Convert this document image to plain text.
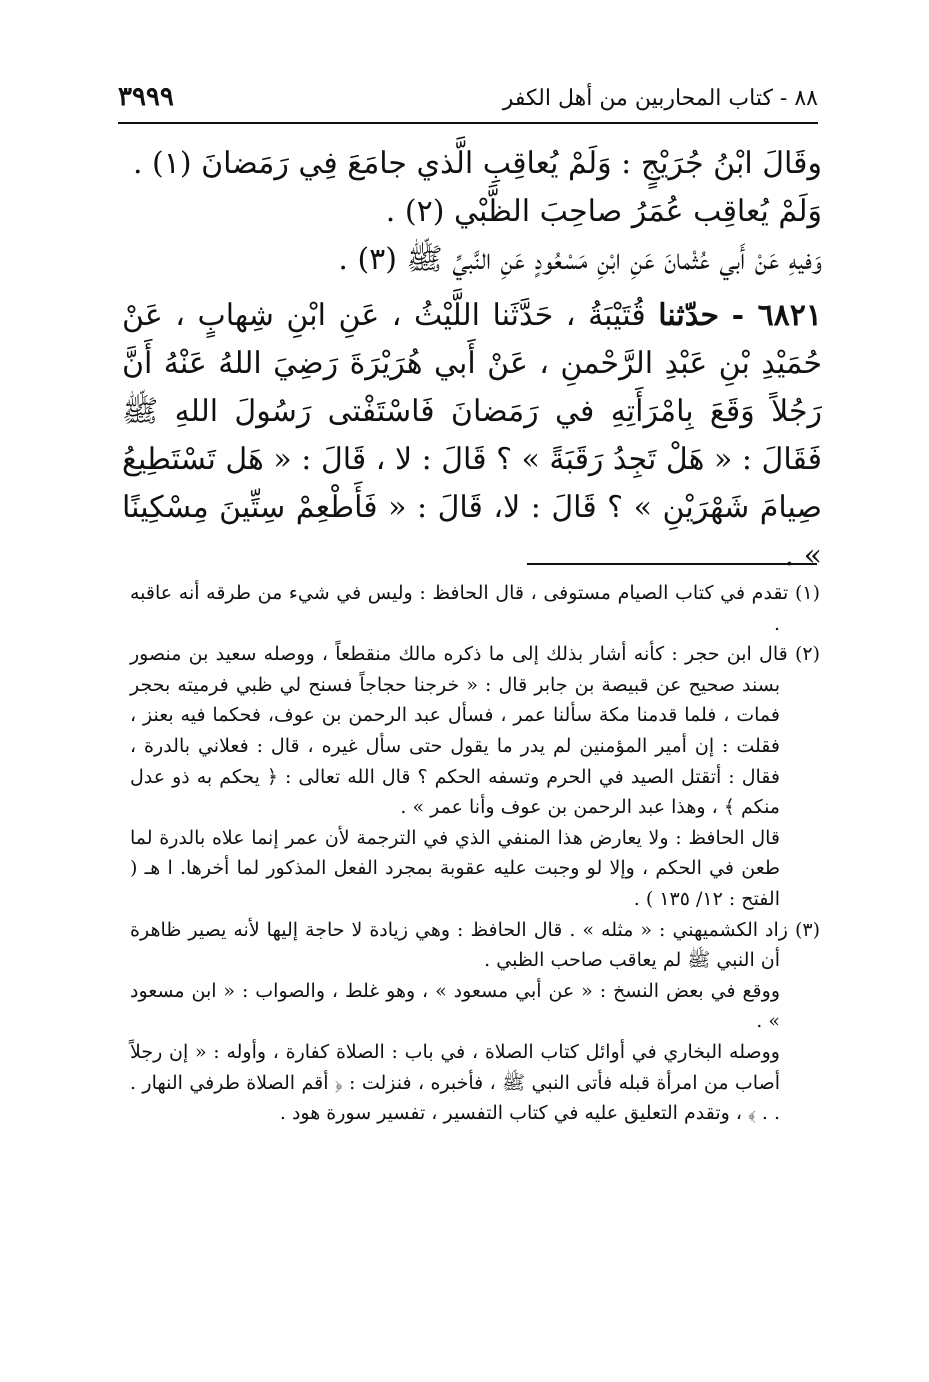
٨٨ - كتاب المحاربين من أهل الكفر
٣٩٩٩

وقَالَ ابْنُ جُرَيْجٍ : وَلَمْ يُعاقِبِ الَّذي جامَعَ فِي رَمَضانَ (١) .

وَلَمْ يُعاقِب عُمَرُ صاحِبَ الظَّبْي (٢) .

وَفيهِ عَنْ أَبي عُثْمانَ عَنِ ابْنِ مَسْعُودٍ عَنِ النَّبيِّ ﷺ (٣) .

٦٨٢١ - حدّثنا قُتَيْبَةُ ، حَدَّثَنا اللَّيْثُ ، عَنِ ابْنِ شِهابٍ ، عَنْ حُمَيْدِ بْنِ عَبْدِ الرَّحْمنِ ، عَنْ أَبي هُرَيْرَةَ رَضِيَ اللهُ عَنْهُ أَنَّ رَجُلاً وَقَعَ بِامْرَأَتِهِ في رَمَضانَ فَاسْتَفْتى رَسُولَ اللهِ ﷺ فَقَالَ : « هَلْ تَجِدُ رَقَبَةً » ؟ قَالَ : لا ، قَالَ : « هَل تَسْتَطِيعُ صِيامَ شَهْرَيْنِ » ؟ قَالَ : لا، قَالَ : « فَأَطْعِمْ سِتِّينَ مِسْكِينًا » .

(١) تقدم في كتاب الصيام مستوفى ، قال الحافظ : وليس في شيء من طرقه أنه عاقبه .

(٢) قال ابن حجر : كأنه أشار بذلك إلى ما ذكره مالك منقطعاً ، ووصله سعيد بن منصور بسند صحيح عن قبيصة بن جابر قال : « خرجنا حجاجاً فسنح لي ظبي فرميته بحجر فمات ، فلما قدمنا مكة سألنا عمر ، فسأل عبد الرحمن بن عوف، فحكما فيه بعنز ، فقلت : إن أمير المؤمنين لم يدر ما يقول حتى سأل غيره ، قال : فعلاني بالدرة ، فقال : أتقتل الصيد في الحرم وتسفه الحكم ؟ قال الله تعالى : ﴿ يحكم به ذو عدل منكم ﴾ ، وهذا عبد الرحمن بن عوف وأنا عمر » .

قال الحافظ : ولا يعارض هذا المنفي الذي في الترجمة لأن عمر إنما علاه بالدرة لما طعن في الحكم ، وإلا لو وجبت عليه عقوبة بمجرد الفعل المذكور لما أخرها. ا هـ ( الفتح : ١٢/ ١٣٥ ) .

(٣) زاد الكشميهني : « مثله » . قال الحافظ : وهي زيادة لا حاجة إليها لأنه يصير ظاهرة أن النبي ﷺ لم يعاقب صاحب الظبي .

ووقع في بعض النسخ : « عن أبي مسعود » ، وهو غلط ، والصواب : « ابن مسعود » .

ووصله البخاري في أوائل كتاب الصلاة ، في باب : الصلاة كفارة ، وأوله : « إن رجلاً أصاب من امرأة قبله فأتى النبي ﷺ ، فأخبره ، فنزلت : ﴿ أقم الصلاة طرفي النهار . . . ﴾ ، وتقدم التعليق عليه في كتاب التفسير ، تفسير سورة هود .
